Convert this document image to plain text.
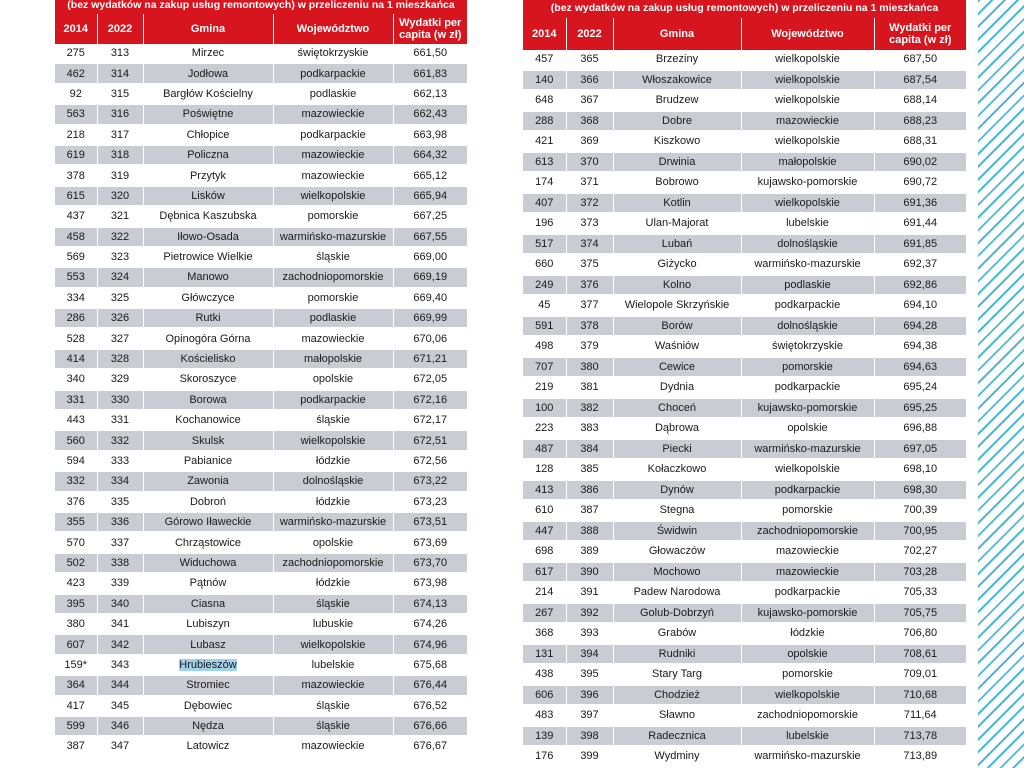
(bez wydatków na zakup usług remontowych) w przeliczeniu na 1 mieszkańca
2014	2022	Gmina	Województwo	Wydatki per capita (w zł)
275	313	Mirzec	świętokrzyskie	661,50
462	314	Jodłowa	podkarpackie	661,83
92	315	Bargłów Kościelny	podlaskie	662,13
563	316	Poświętne	mazowieckie	662,43
218	317	Chłopice	podkarpackie	663,98
619	318	Policzna	mazowieckie	664,32
378	319	Przytyk	mazowieckie	665,12
615	320	Lisków	wielkopolskie	665,94
437	321	Dębnica Kaszubska	pomorskie	667,25
458	322	Iłowo-Osada	warmińsko-mazurskie	667,55
569	323	Pietrowice Wielkie	śląskie	669,00
553	324	Manowo	zachodniopomorskie	669,19
334	325	Główczyce	pomorskie	669,40
286	326	Rutki	podlaskie	669,99
528	327	Opinogóra Górna	mazowieckie	670,06
414	328	Kościelisko	małopolskie	671,21
340	329	Skoroszyce	opolskie	672,05
331	330	Borowa	podkarpackie	672,16
443	331	Kochanowice	śląskie	672,17
560	332	Skulsk	wielkopolskie	672,51
594	333	Pabianice	łódzkie	672,56
332	334	Zawonia	dolnośląskie	673,22
376	335	Dobroń	łódzkie	673,23
355	336	Górowo Iławeckie	warmińsko-mazurskie	673,51
570	337	Chrząstowice	opolskie	673,69
502	338	Widuchowa	zachodniopomorskie	673,70
423	339	Pątnów	łódzkie	673,98
395	340	Ciasna	śląskie	674,13
380	341	Lubiszyn	lubuskie	674,26
607	342	Lubasz	wielkopolskie	674,96
159*	343	Hrubieszów	lubelskie	675,68
364	344	Stromiec	mazowieckie	676,44
417	345	Dębowiec	śląskie	676,52
599	346	Nędza	śląskie	676,66
387	347	Latowicz	mazowieckie	676,67
(bez wydatków na zakup usług remontowych) w przeliczeniu na 1 mieszkańca
2014	2022	Gmina	Województwo	Wydatki per capita (w zł)
457	365	Brzeziny	wielkopolskie	687,50
140	366	Włoszakowice	wielkopolskie	687,54
648	367	Brudzew	wielkopolskie	688,14
288	368	Dobre	mazowieckie	688,23
421	369	Kiszkowo	wielkopolskie	688,31
613	370	Drwinia	małopolskie	690,02
174	371	Bobrowo	kujawsko-pomorskie	690,72
407	372	Kotlin	wielkopolskie	691,36
196	373	Ulan-Majorat	lubelskie	691,44
517	374	Lubań	dolnośląskie	691,85
660	375	Giżycko	warmińsko-mazurskie	692,37
249	376	Kolno	podlaskie	692,86
45	377	Wielopole Skrzyńskie	podkarpackie	694,10
591	378	Borów	dolnośląskie	694,28
498	379	Waśniów	świętokrzyskie	694,38
707	380	Cewice	pomorskie	694,63
219	381	Dydnia	podkarpackie	695,24
100	382	Choceń	kujawsko-pomorskie	695,25
223	383	Dąbrowa	opolskie	696,88
487	384	Piecki	warmińsko-mazurskie	697,05
128	385	Kołaczkowo	wielkopolskie	698,10
413	386	Dynów	podkarpackie	698,30
610	387	Stegna	pomorskie	700,39
447	388	Świdwin	zachodniopomorskie	700,95
698	389	Głowaczów	mazowieckie	702,27
617	390	Mochowo	mazowieckie	703,28
214	391	Padew Narodowa	podkarpackie	705,33
267	392	Golub-Dobrzyń	kujawsko-pomorskie	705,75
368	393	Grabów	łódzkie	706,80
131	394	Rudniki	opolskie	708,61
438	395	Stary Targ	pomorskie	709,01
606	396	Chodzież	wielkopolskie	710,68
483	397	Sławno	zachodniopomorskie	711,64
139	398	Radecznica	lubelskie	713,78
176	399	Wydminy	warmińsko-mazurskie	713,89
